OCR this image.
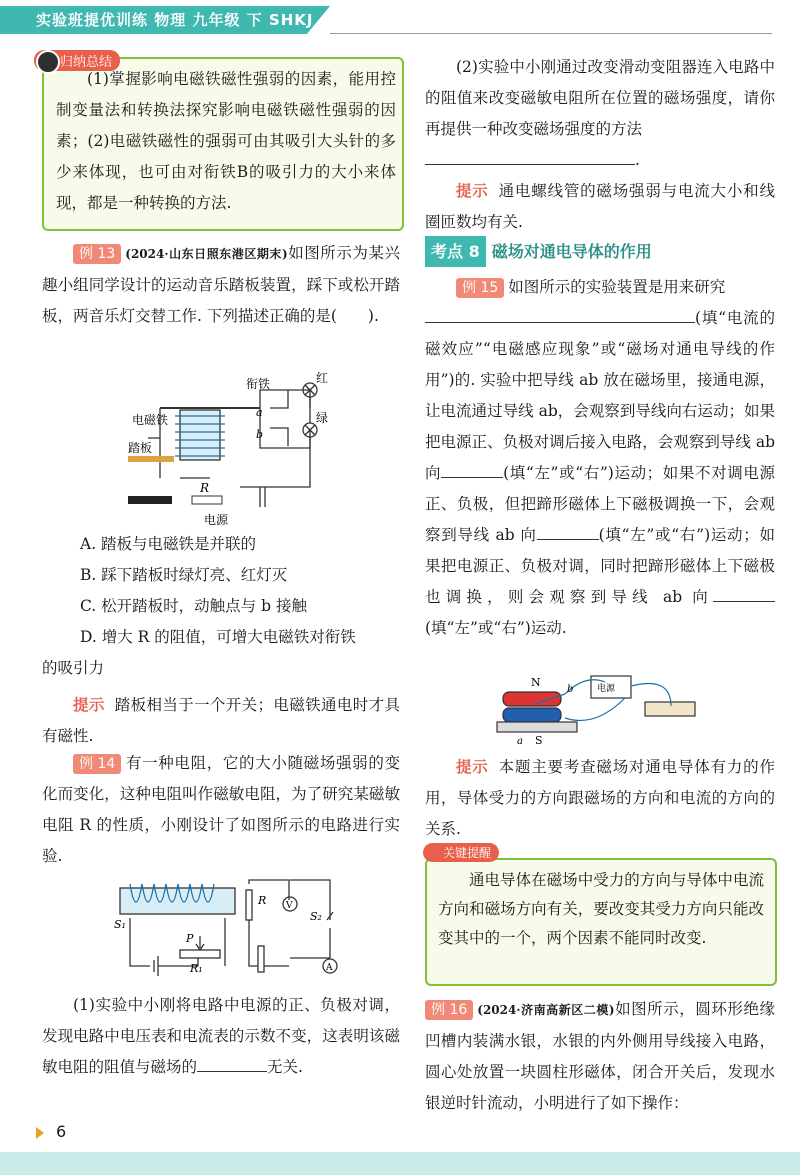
实验班提优训练 物理 九年级 下 SHKJ
归纳总结

(1)掌握影响电磁铁磁性强弱的因素，能用控制变量法和转换法探究影响电磁铁磁性强弱的因素；(2)电磁铁磁性的强弱可由其吸引大头针的多少来体现，也可由对衔铁B的吸引力的大小来体现，都是一种转换的方法.

例 13 (2024·山东日照东港区期末)如图所示为某兴趣小组同学设计的运动音乐踏板装置，踩下或松开踏板，两音乐灯交替工作. 下列描述正确的是(　　).

衔铁	红
绿
a
b
电磁铁
踏板
R
电源

A. 踏板与电磁铁是并联的

B. 踩下踏板时绿灯亮、红灯灭

C. 松开踏板时，动触点与 b 接触

D. 增大 R 的阻值，可增大电磁铁对衔铁

的吸引力

提示 踏板相当于一个开关；电磁铁通电时才具有磁性.

例 14 有一种电阻，它的大小随磁场强弱的变化而变化，这种电阻叫作磁敏电阻，为了研究某磁敏电阻 R 的性质，小刚设计了如图所示的电路进行实验.

R V
A
S₁
S₂
P
R₁

(1)实验中小刚将电路中电源的正、负极对调，发现电路中电压表和电流表的示数不变，这表明该磁敏电阻的阻值与磁场的	无关.

(2)实验中小刚通过改变滑动变阻器连入电路中的阻值来改变磁敏电阻所在位置的磁场强度，请你再提供一种改变磁场强度的方法

.

提示 通电螺线管的磁场强弱与电流大小和线圈匝数均有关.

考点 8 磁场对通电导体的作用

例 15 如图所示的实验装置是用来研究

(填“电流的磁效应”“电磁感应现象”或“磁场对通电导线的作用”)的. 实验中把导线 ab 放在磁场里，接通电源，让电流通过导线 ab，会观察到导线向右运动；如果把电源正、负极对调后接入电路，会观察到导线 ab 向	(填“左”或“右”)运动；如果不对调电源正、负极，但把蹄形磁体上下磁极调换一下，会观察到导线 ab 向	(填“左”或“右”)运动；如果把电源正、负极对调，同时把蹄形磁体上下磁极也调换，则会观察到导线 ab 向(填“左”或“右”)运动.

N
S
a
b	电源

提示 本题主要考查磁场对通电导体有力的作用，导体受力的方向跟磁场的方向和电流的方向的关系.

关键提醒

通电导体在磁场中受力的方向与导体中电流方向和磁场方向有关，要改变其受力方向只能改变其中的一个，两个因素不能同时改变.

例 16 (2024·济南高新区二模)如图所示，圆环形绝缘凹槽内装满水银，水银的内外侧用导线接入电路，圆心处放置一块圆柱形磁体，闭合开关后，发现水银逆时针流动，小明进行了如下操作：

6
